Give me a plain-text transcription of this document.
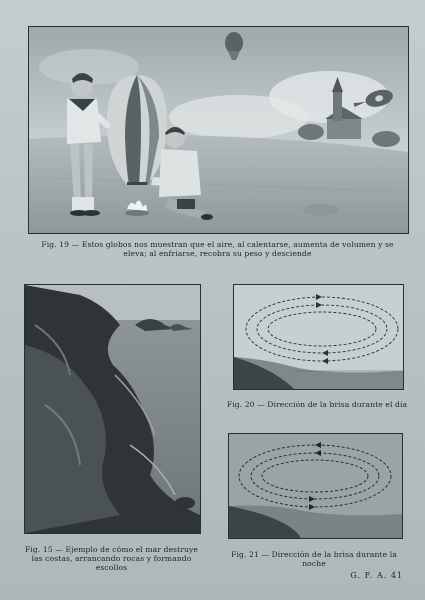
Fig. 19 — Estos globos nos muestran que el aire, al calentarse, aumenta de volumen y se eleva; al enfriarse, recobra su peso y desciende
Fig. 15 — Ejemplo de cómo el mar destruye las costas, arrancando rocas y formando escollos
Fig. 20 — Dirección de la brisa durante el día
Fig. 21 — Dirección de la brisa durante la noche
G. F. A. 41
